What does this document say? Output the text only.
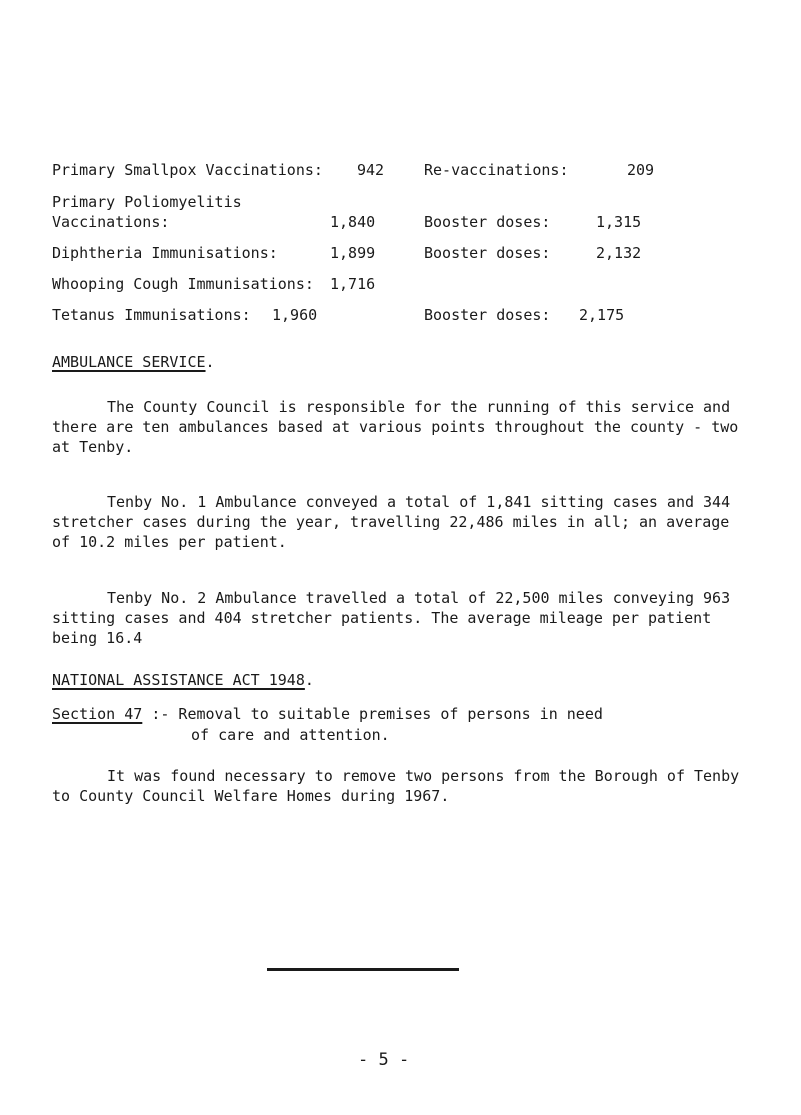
Primary Smallpox Vaccinations: 942	Re-vaccinations:	209
Primary Poliomyelitis
Vaccinations:	1,840	Booster doses:	1,315
Diphtheria Immunisations:	1,899	Booster doses:	2,132
Whooping Cough Immunisations: 1,716
Tetanus Immunisations: 1,960	Booster doses: 2,175
AMBULANCE SERVICE.
The County Council is responsible for the running of this service and there are ten ambulances based at various points throughout the county - two at Tenby.
Tenby No. 1 Ambulance conveyed a total of 1,841 sitting cases and 344 stretcher cases during the year, travelling 22,486 miles in all; an average of 10.2 miles per patient.
Tenby No. 2 Ambulance travelled a total of 22,500 miles conveying 963 sitting cases and 404 stretcher patients. The average mileage per patient being 16.4
NATIONAL ASSISTANCE ACT 1948.
Section 47 :- Removal to suitable premises of persons in need
of care and attention.
It was found necessary to remove two persons from the Borough of Tenby to County Council Welfare Homes during 1967.
- 5 -
